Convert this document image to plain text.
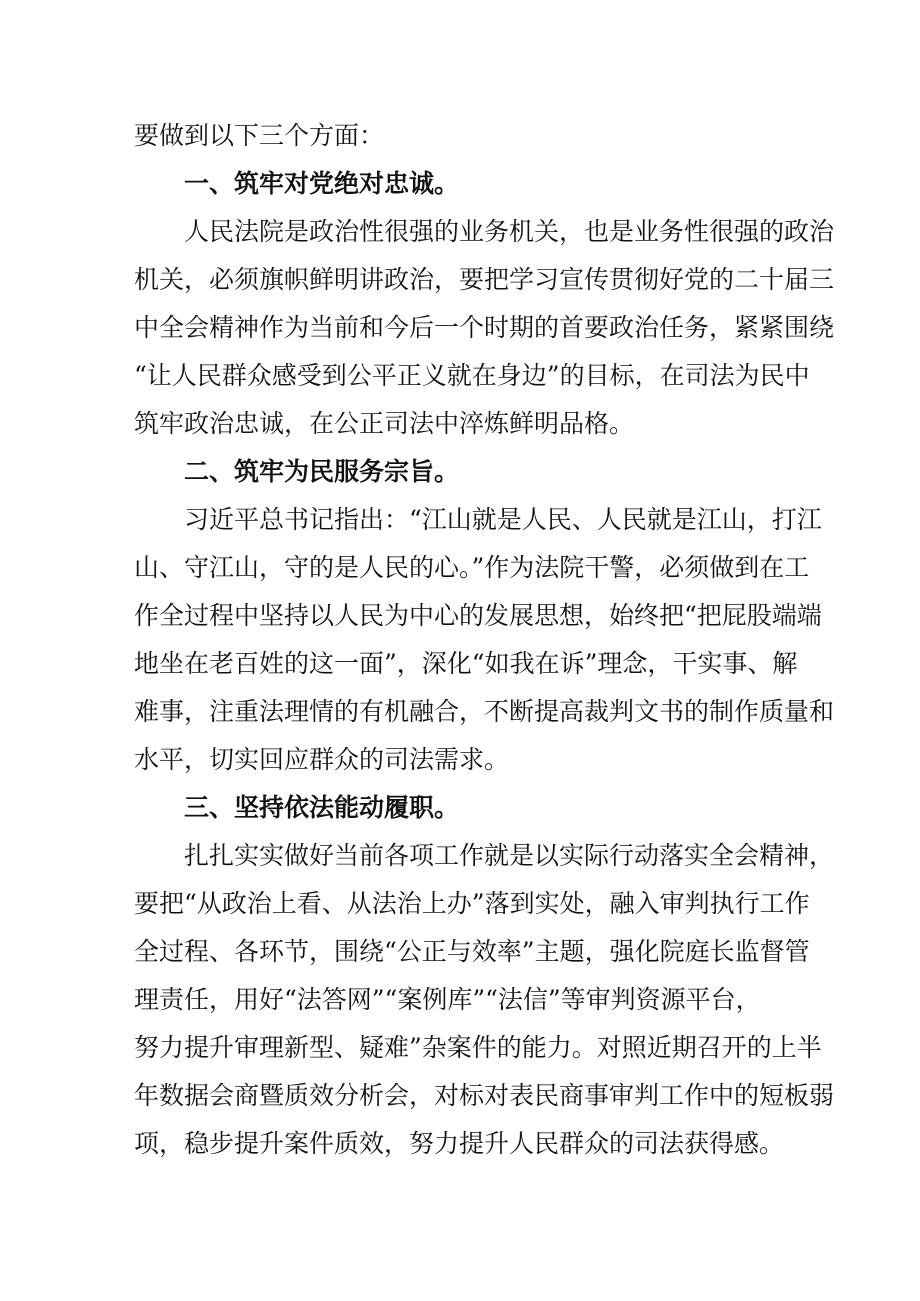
要做到以下三个方面：
一、筑牢对党绝对忠诚。
人民法院是政治性很强的业务机关，也是业务性很强的政治
机关，必须旗帜鲜明讲政治，要把学习宣传贯彻好党的二十届三
中全会精神作为当前和今后一个时期的首要政治任务，紧紧围绕
“让人民群众感受到公平正义就在身边”的目标，在司法为民中
筑牢政治忠诚，在公正司法中淬炼鲜明品格。
二、筑牢为民服务宗旨。
习近平总书记指出：“江山就是人民、人民就是江山，打江
山、守江山，守的是人民的心。”作为法院干警，必须做到在工
作全过程中坚持以人民为中心的发展思想，始终把“把屁股端端
地坐在老百姓的这一面”，深化“如我在诉”理念，干实事、解
难事，注重法理情的有机融合，不断提高裁判文书的制作质量和
水平，切实回应群众的司法需求。
三、坚持依法能动履职。
扎扎实实做好当前各项工作就是以实际行动落实全会精神，
要把“从政治上看、从法治上办”落到实处，融入审判执行工作
全过程、各环节，围绕“公正与效率”主题，强化院庭长监督管
理责任，用好“法答网”“案例库”“法信”等审判资源平台，
努力提升审理新型、疑难”杂案件的能力。对照近期召开的上半
年数据会商暨质效分析会，对标对表民商事审判工作中的短板弱
项，稳步提升案件质效，努力提升人民群众的司法获得感。
